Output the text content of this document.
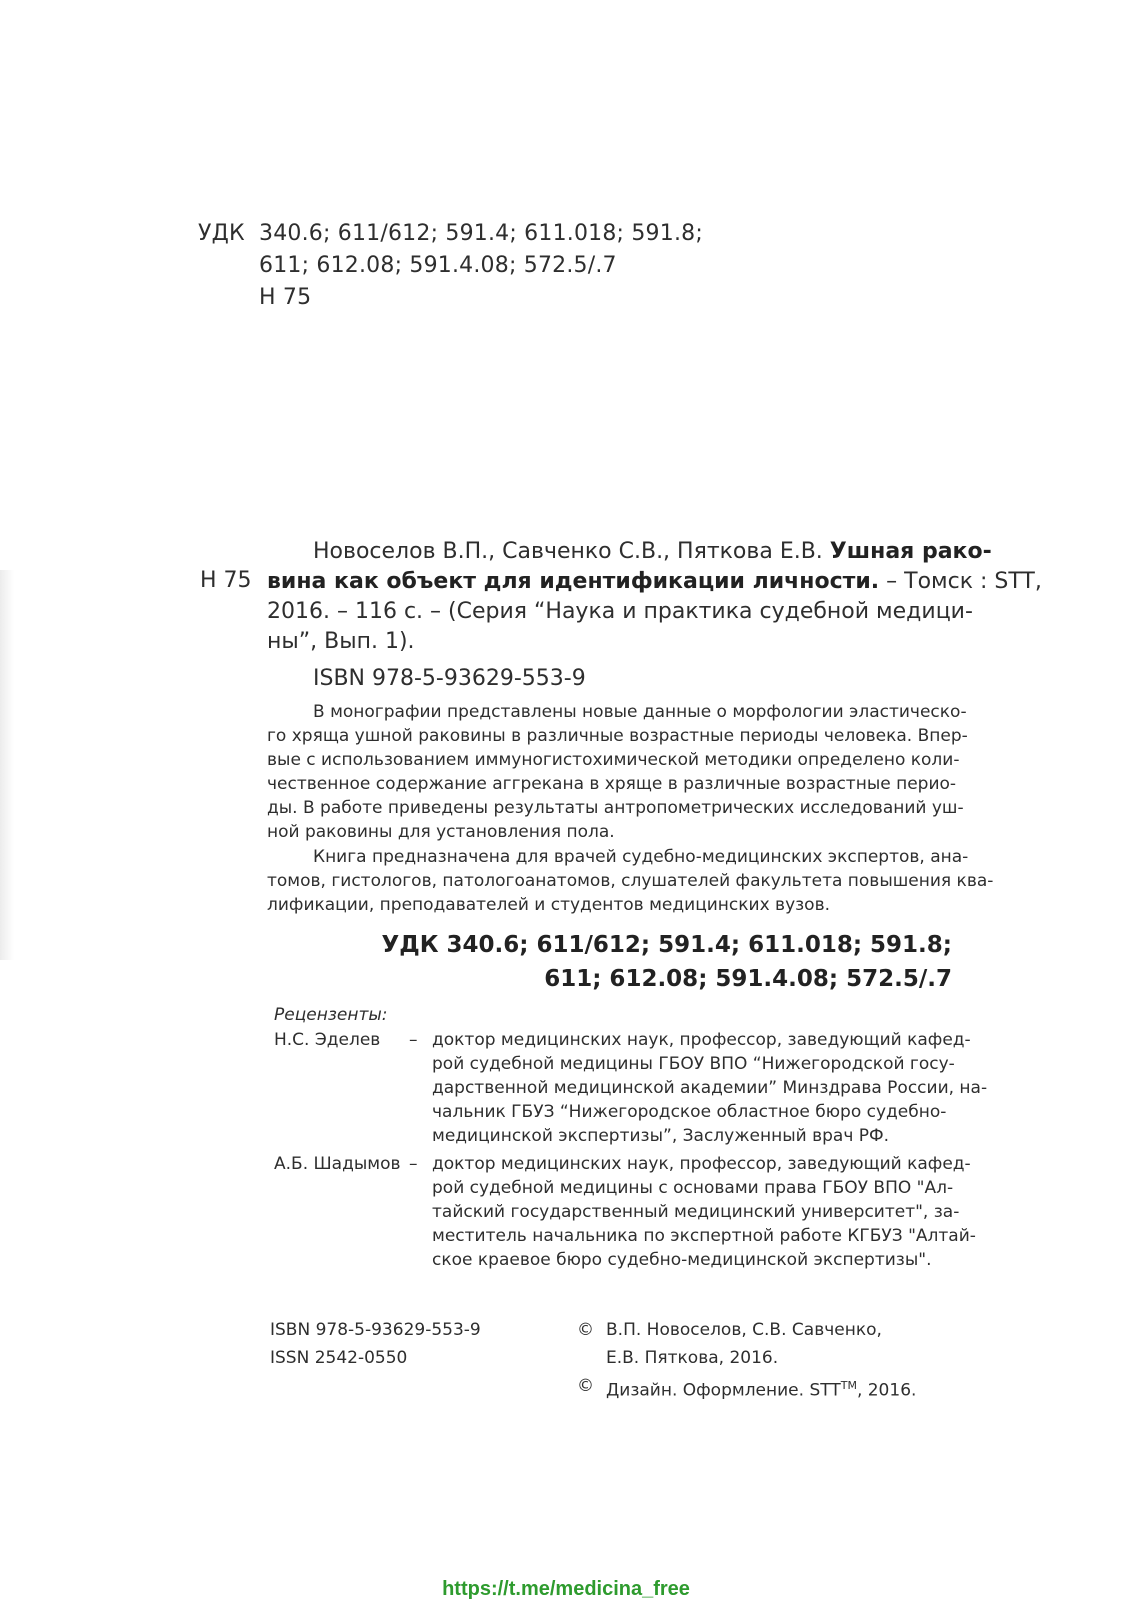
УДК 340.6; 611/612; 591.4; 611.018; 591.8;
611; 612.08; 591.4.08; 572.5/.7
Н 75
Н 75
Новоселов В.П., Савченко С.В., Пяткова Е.В. Ушная рако-
вина как объект для идентификации личности. – Томск : STT,
2016. – 116 с. – (Серия “Наука и практика судебной медици-
ны”, Вып. 1).
ISBN 978-5-93629-553-9
В монографии представлены новые данные о морфологии эластическо-
го хряща ушной раковины в различные возрастные периоды человека. Впер-
вые с использованием иммуногистохимической методики определено коли-
чественное содержание аггрекана в хряще в различные возрастные перио-
ды. В работе приведены результаты антропометрических исследований уш-
ной раковины для установления пола.
Книга предназначена для врачей судебно-медицинских экспертов, ана-
томов, гистологов, патологоанатомов, слушателей факультета повышения ква-
лификации, преподавателей и студентов медицинских вузов.
УДК 340.6; 611/612; 591.4; 611.018; 591.8;
611; 612.08; 591.4.08; 572.5/.7
Рецензенты:
Н.С. Эделев – доктор медицинских наук, профессор, заведующий кафед-
рой судебной медицины ГБОУ ВПО “Нижегородской госу-
дарственной медицинской академии” Минздрава России, на-
чальник ГБУЗ “Нижегородское областное бюро судебно-
медицинской экспертизы”, Заслуженный врач РФ.
А.Б. Шадымов – доктор медицинских наук, профессор, заведующий кафед-
рой судебной медицины с основами права ГБОУ ВПО "Ал-
тайский государственный медицинский университет", за-
меститель начальника по экспертной работе КГБУЗ "Алтай-
ское краевое бюро судебно-медицинской экспертизы".
ISBN 978-5-93629-553-9
ISSN 2542-0550
© В.П. Новоселов, С.В. Савченко,
Е.В. Пяткова, 2016.
© Дизайн. Оформление. STT™, 2016.
https://t.me/medicina_free
